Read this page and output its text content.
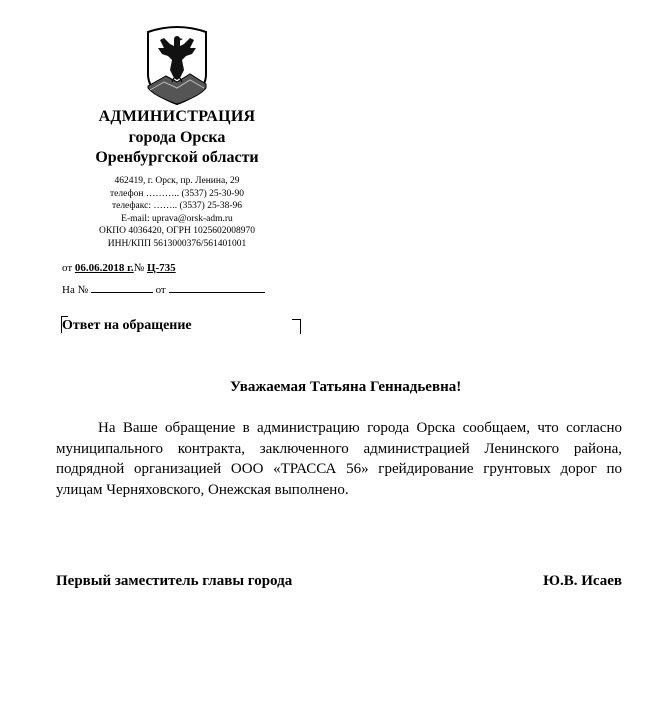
АДМИНИСТРАЦИЯ
города Орска
Оренбургской области
462419, г. Орск, пр. Ленина, 29
телефон ……….. (3537) 25-30-90
телефакс: …….. (3537) 25-38-96
E-mail: uprava@orsk-adm.ru
ОКПО 4036420, ОГРН 1025602008970
ИНН/КПП 5613000376/561401001
от 06.06.2018 г.№ Ц-735
На №	от
Ответ на обращение
Уважаемая Татьяна Геннадьевна!
На Ваше обращение в администрацию города Орска сообщаем, что согласно муниципального контракта, заключенного администрацией Ленинского района, подрядной организацией ООО «ТРАССА 56» грейдирование грунтовых дорог по улицам Черняховского, Онежская выполнено.
Первый заместитель главы города	Ю.В. Исаев
